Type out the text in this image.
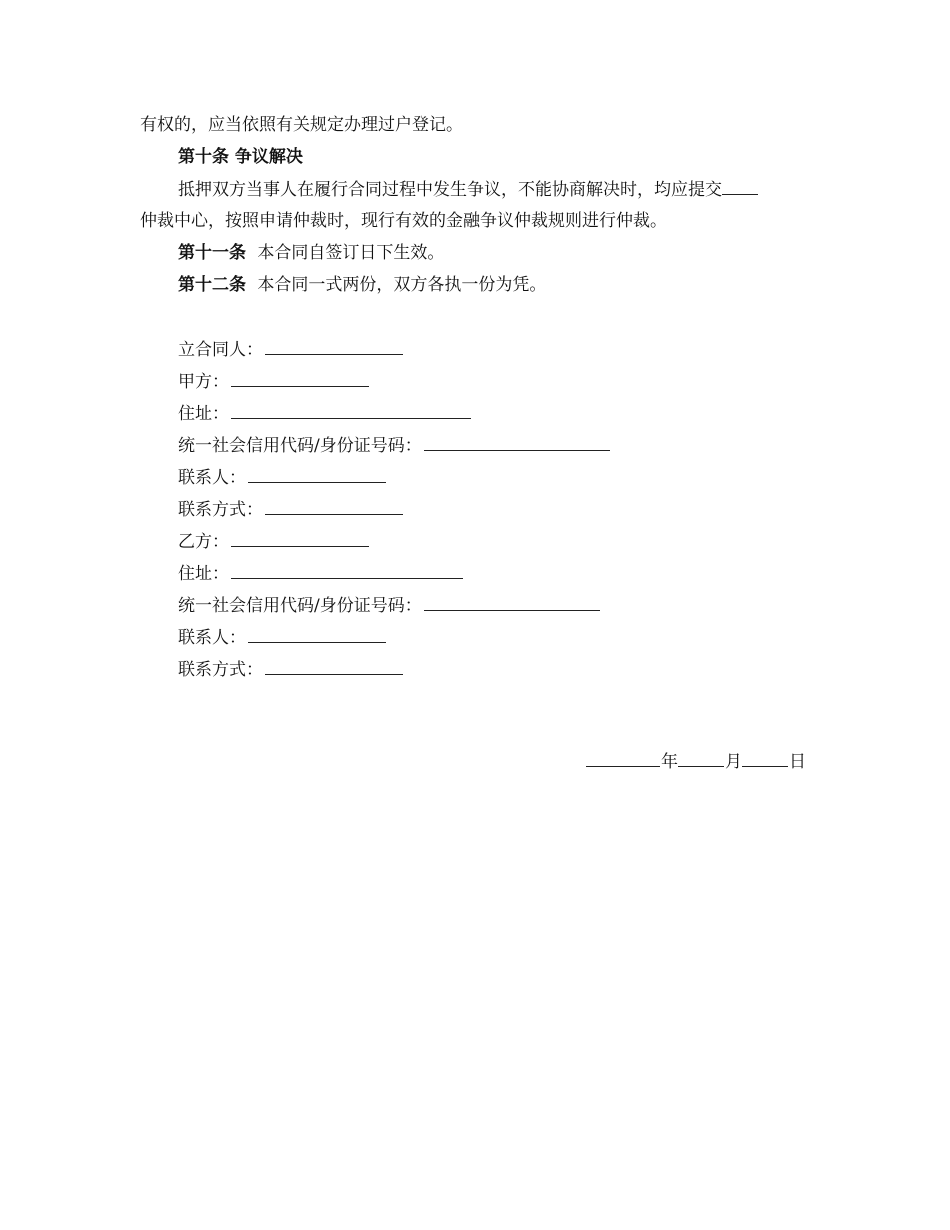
有权的，应当依照有关规定办理过户登记。
第十条 争议解决
抵押双方当事人在履行合同过程中发生争议，不能协商解决时，均应提交
仲裁中心，按照申请仲裁时，现行有效的金融争议仲裁规则进行仲裁。
第十一条 本合同自签订日下生效。
第十二条 本合同一式两份，双方各执一份为凭。
立合同人：
甲方：
住址：
统一社会信用代码/身份证号码：
联系人：
联系方式：
乙方：
住址：
统一社会信用代码/身份证号码：
联系人：
联系方式：
年	月	日
